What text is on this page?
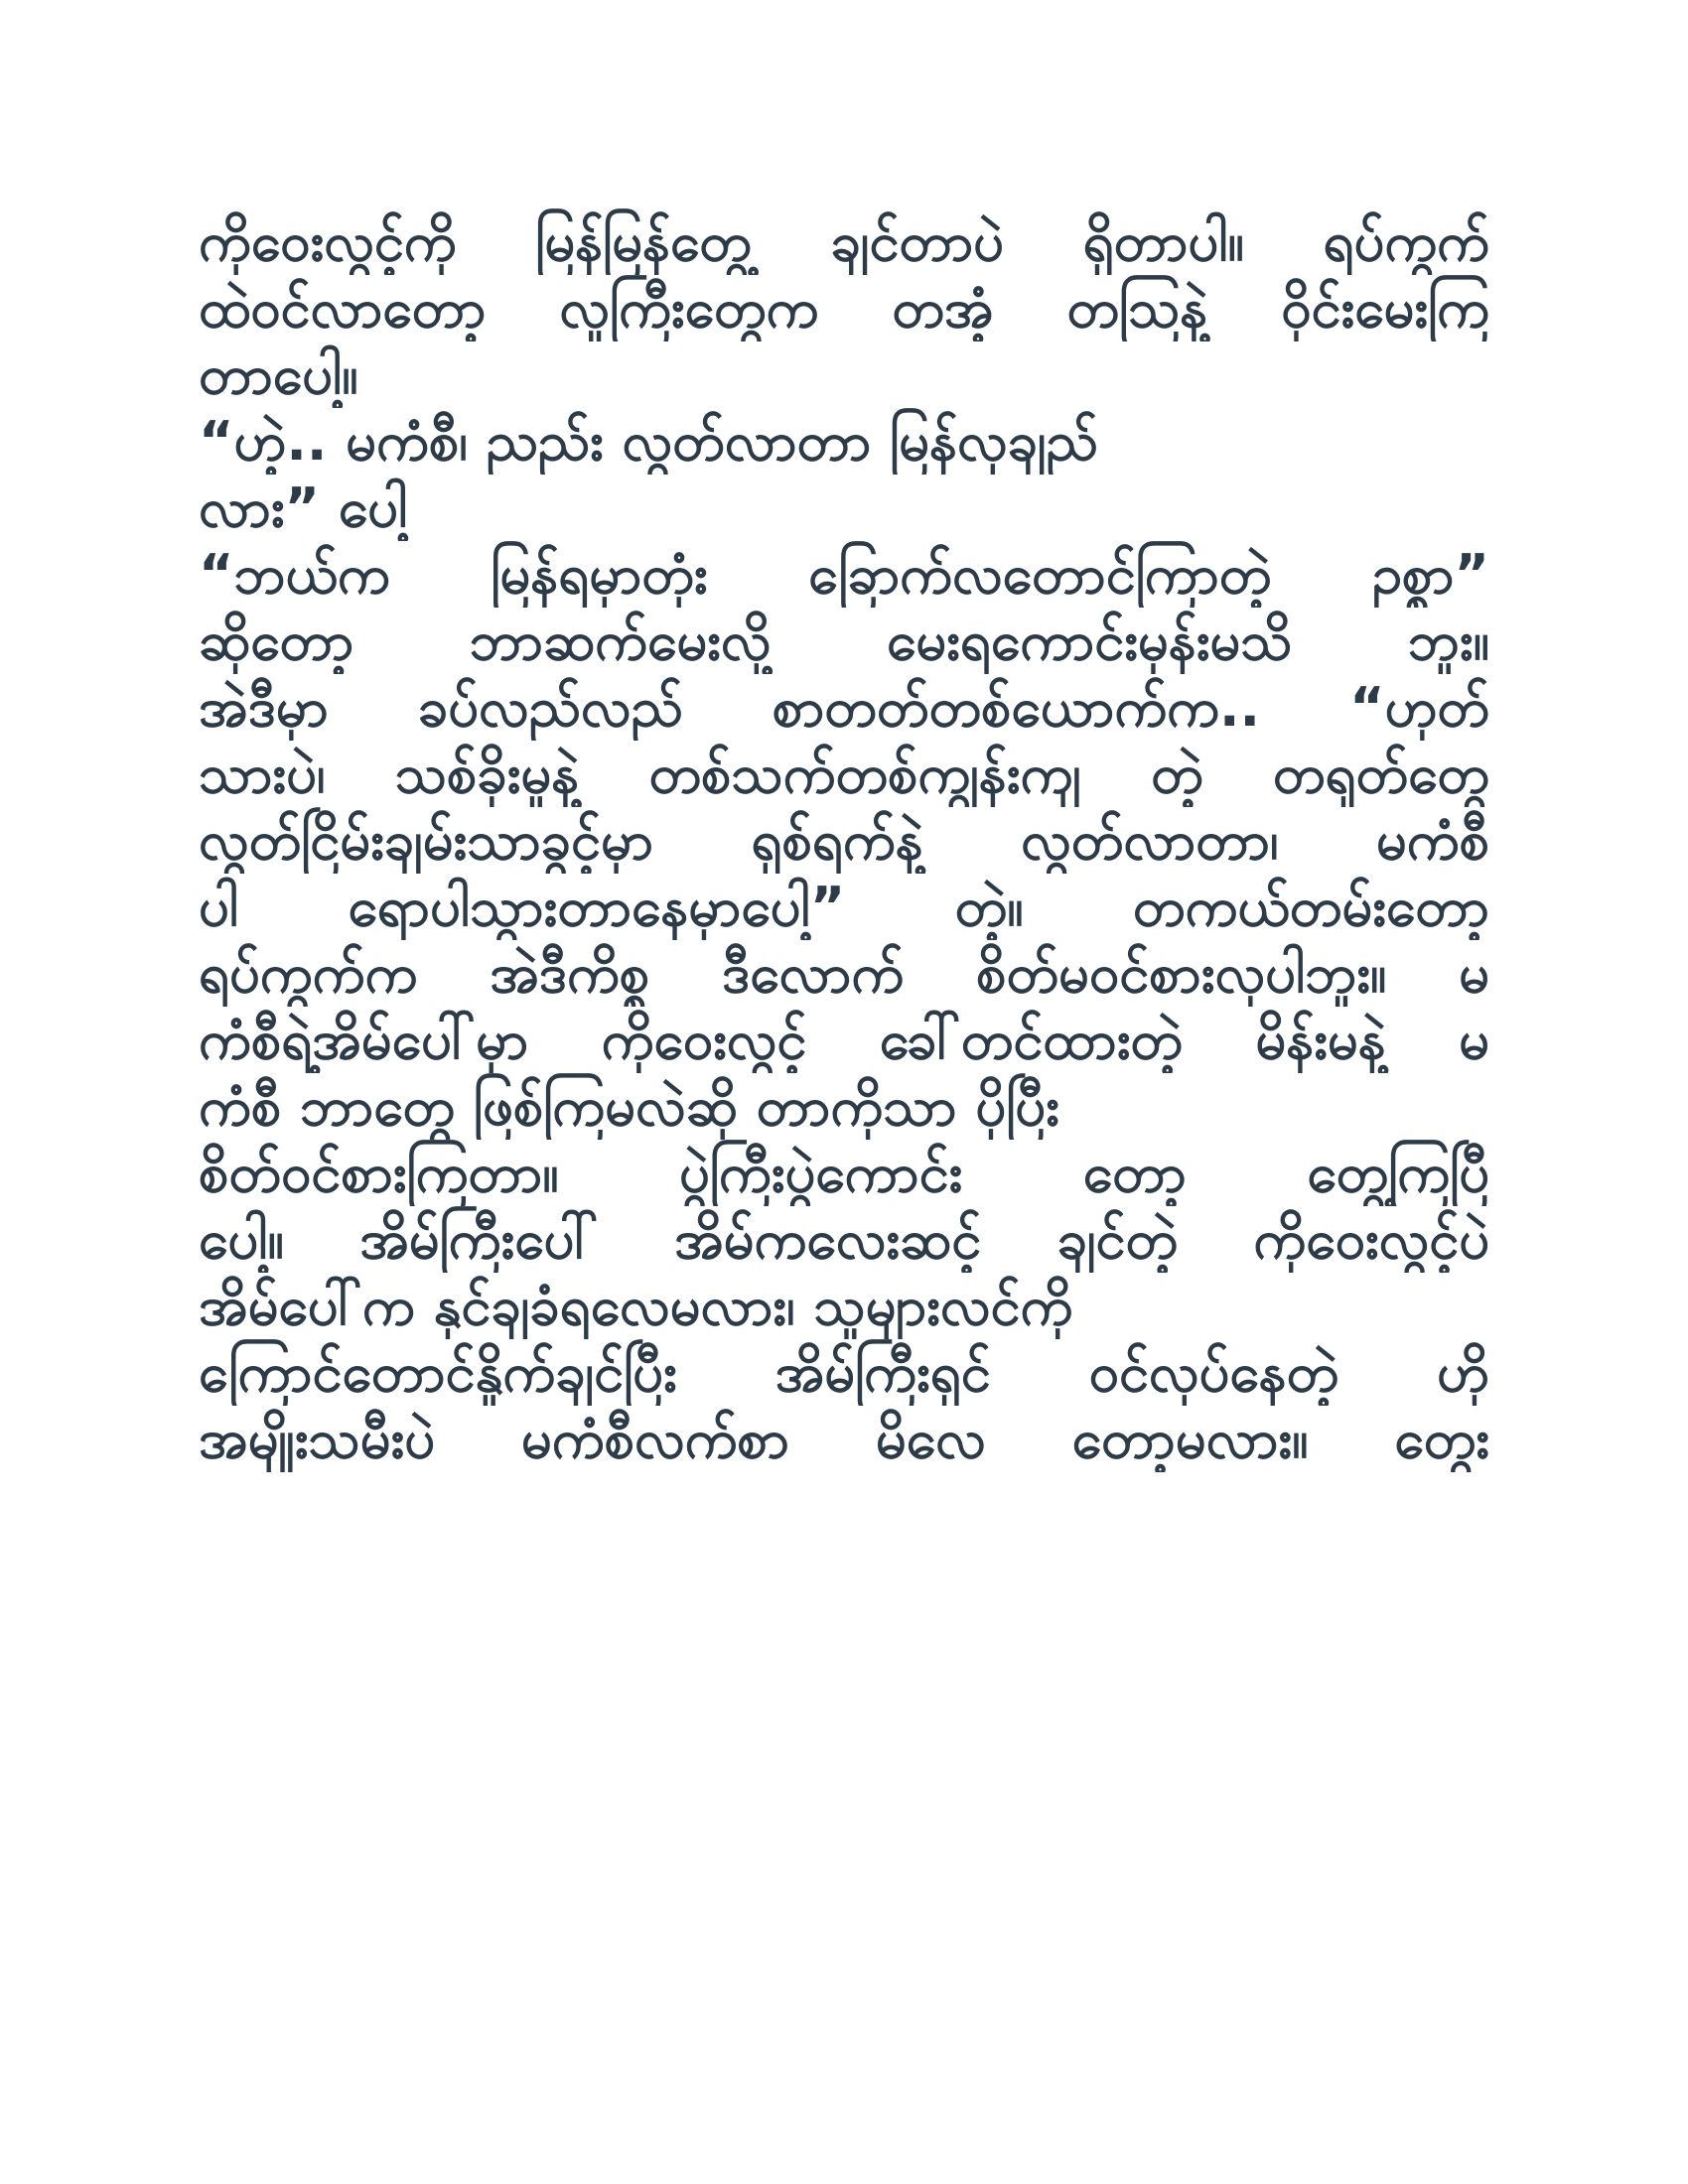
ကိုဝေးလွင့်ကို မြန်မြန်တွေ့ ချင်တာပဲ ရှိတာပါ။ ရပ်ကွက်
ထဲဝင်လာတော့ လူကြီးတွေက တအံ့ တသြနဲ့ ဝိုင်းမေးကြ
တာပေါ့။
“ဟဲ့.. မကံစီ၊ ညည်း လွတ်လာတာ မြန်လှချည်
လား” ပေါ့
“ဘယ်က မြန်ရမှာတုံး ခြောက်လတောင်ကြာတဲ့ ဥစ္စာ”
ဆိုတော့ ဘာဆက်မေးလို့ မေးရကောင်းမှန်းမသိ ဘူး။
အဲဒီမှာ ခပ်လည်လည် စာတတ်တစ်ယောက်က.. “ဟုတ်
သားပဲ၊ သစ်ခိုးမှုနဲ့ တစ်သက်တစ်ကျွန်းကျ တဲ့ တရုတ်တွေ
လွတ်ငြိမ်းချမ်းသာခွင့်မှာ ရှစ်ရက်နဲ့ လွတ်လာတာ၊ မကံစီ
ပါ ရောပါသွားတာနေမှာပေါ့” တဲ့။ တကယ်တမ်းတော့
ရပ်ကွက်က အဲဒီကိစ္စ ဒီလောက် စိတ်မဝင်စားလှပါဘူး။ မ
ကံစီရဲ့အိမ်ပေါ်မှာ ကိုဝေးလွင့် ခေါ်တင်ထားတဲ့ မိန်းမနဲ့ မ
ကံစီ ဘာတွေ ဖြစ်ကြမလဲဆို တာကိုသာ ပိုပြီး
စိတ်ဝင်စားကြတာ။ ပွဲကြီးပွဲကောင်း တော့ တွေ့ကြပြီ
ပေါ့။ အိမ်ကြီးပေါ် အိမ်ကလေးဆင့် ချင်တဲ့ ကိုဝေးလွင့်ပဲ
အိမ်ပေါ်က နှင်ချခံရလေမလား၊ သူများလင်ကို
ကြောင်တောင်နှိုက်ချင်ပြီး အိမ်ကြီးရှင် ဝင်လုပ်နေတဲ့ ဟို
အမျိုးသမီးပဲ မကံစီလက်စာ မိလေ တော့မလား။ တွေး
